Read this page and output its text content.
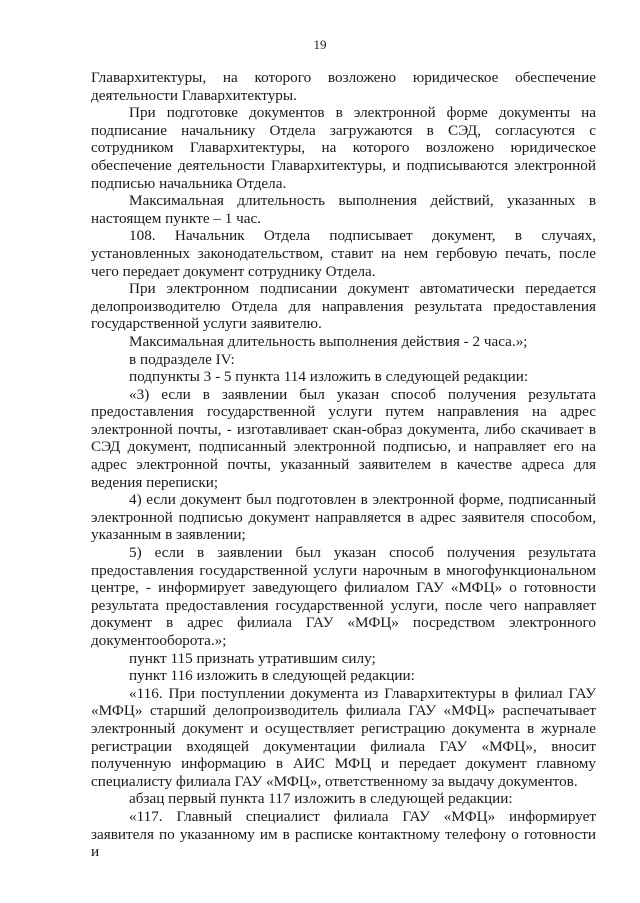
19

Главархитектуры, на которого возложено юридическое обеспечение деятельности Главархитектуры.

При подготовке документов в электронной форме документы на подписание начальнику Отдела загружаются в СЭД, согласуются с сотрудником Главархитектуры, на которого возложено юридическое обеспечение деятельности Главархитектуры, и подписываются электронной подписью начальника Отдела.

Максимальная длительность выполнения действий, указанных в настоящем пункте – 1 час.

108. Начальник Отдела подписывает документ, в случаях, установленных законодательством, ставит на нем гербовую печать, после чего передает документ сотруднику Отдела.

При электронном подписании документ автоматически передается делопроизводителю Отдела для направления результата предоставления государственной услуги заявителю.

Максимальная длительность выполнения действия - 2 часа.»;

в подразделе IV:

подпункты 3 - 5 пункта 114 изложить в следующей редакции:

«3) если в заявлении был указан способ получения результата предоставления государственной услуги путем направления на адрес электронной почты, - изготавливает скан-образ документа, либо скачивает в СЭД документ, подписанный электронной подписью, и направляет его на адрес электронной почты, указанный заявителем в качестве адреса для ведения переписки;

4) если документ был подготовлен в электронной форме, подписанный электронной подписью документ направляется в адрес заявителя способом, указанным в заявлении;

5) если в заявлении был указан способ получения результата предоставления государственной услуги нарочным в многофункциональном центре, - информирует заведующего филиалом ГАУ «МФЦ» о готовности результата предоставления государственной услуги, после чего направляет документ в адрес филиала ГАУ «МФЦ» посредством электронного документооборота.»;

пункт 115 признать утратившим силу;

пункт 116 изложить в следующей редакции:

«116. При поступлении документа из Главархитектуры в филиал ГАУ «МФЦ» старший делопроизводитель филиала ГАУ «МФЦ» распечатывает электронный документ и осуществляет регистрацию документа в журнале регистрации входящей документации филиала ГАУ «МФЦ», вносит полученную информацию в АИС МФЦ и передает документ главному специалисту филиала ГАУ «МФЦ», ответственному за выдачу документов.

абзац первый пункта 117 изложить в следующей редакции:

«117. Главный специалист филиала ГАУ «МФЦ» информирует заявителя по указанному им в расписке контактному телефону о готовности и
